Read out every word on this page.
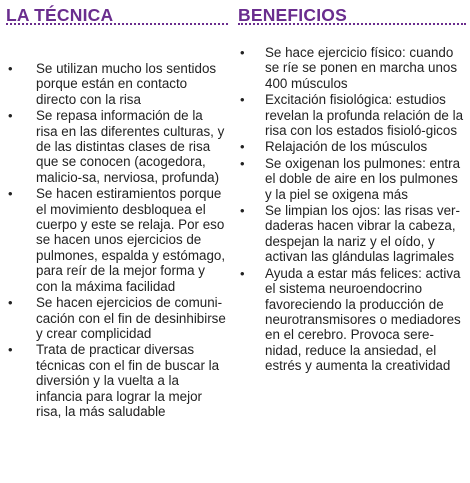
LA TÉCNICA
• Se utilizan mucho los sentidos porque están en contacto directo con la risa
• Se repasa información de la risa en las diferentes culturas, y de las distintas clases de risa que se conocen (acogedora, malicio-sa, nerviosa, profunda)
• Se hacen estiramientos porque el movimiento desbloquea el cuerpo y este se relaja. Por eso se hacen unos ejercicios de pulmones, espalda y estómago, para reír de la mejor forma y con la máxima facilidad
• Se hacen ejercicios de comuni-cación con el fin de desinhibirse y crear complicidad
• Trata de practicar diversas técnicas con el fin de buscar la diversión y la vuelta a la infancia para lograr la mejor risa, la más saludable
BENEFICIOS
• Se hace ejercicio físico: cuando se ríe se ponen en marcha unos 400 músculos
• Excitación fisiológica: estudios revelan la profunda relación de la risa con los estados fisioló-gicos
• Relajación de los músculos
• Se oxigenan los pulmones: entra el doble de aire en los pulmones y la piel se oxigena más
• Se limpian los ojos: las risas ver-daderas hacen vibrar la cabeza, despejan la nariz y el oído, y activan las glándulas lagrimales
• Ayuda a estar más felices: activa el sistema neuroendocrino favoreciendo la producción de neurotransmisores o mediadores en el cerebro. Provoca sere-nidad, reduce la ansiedad, el estrés y aumenta la creatividad
